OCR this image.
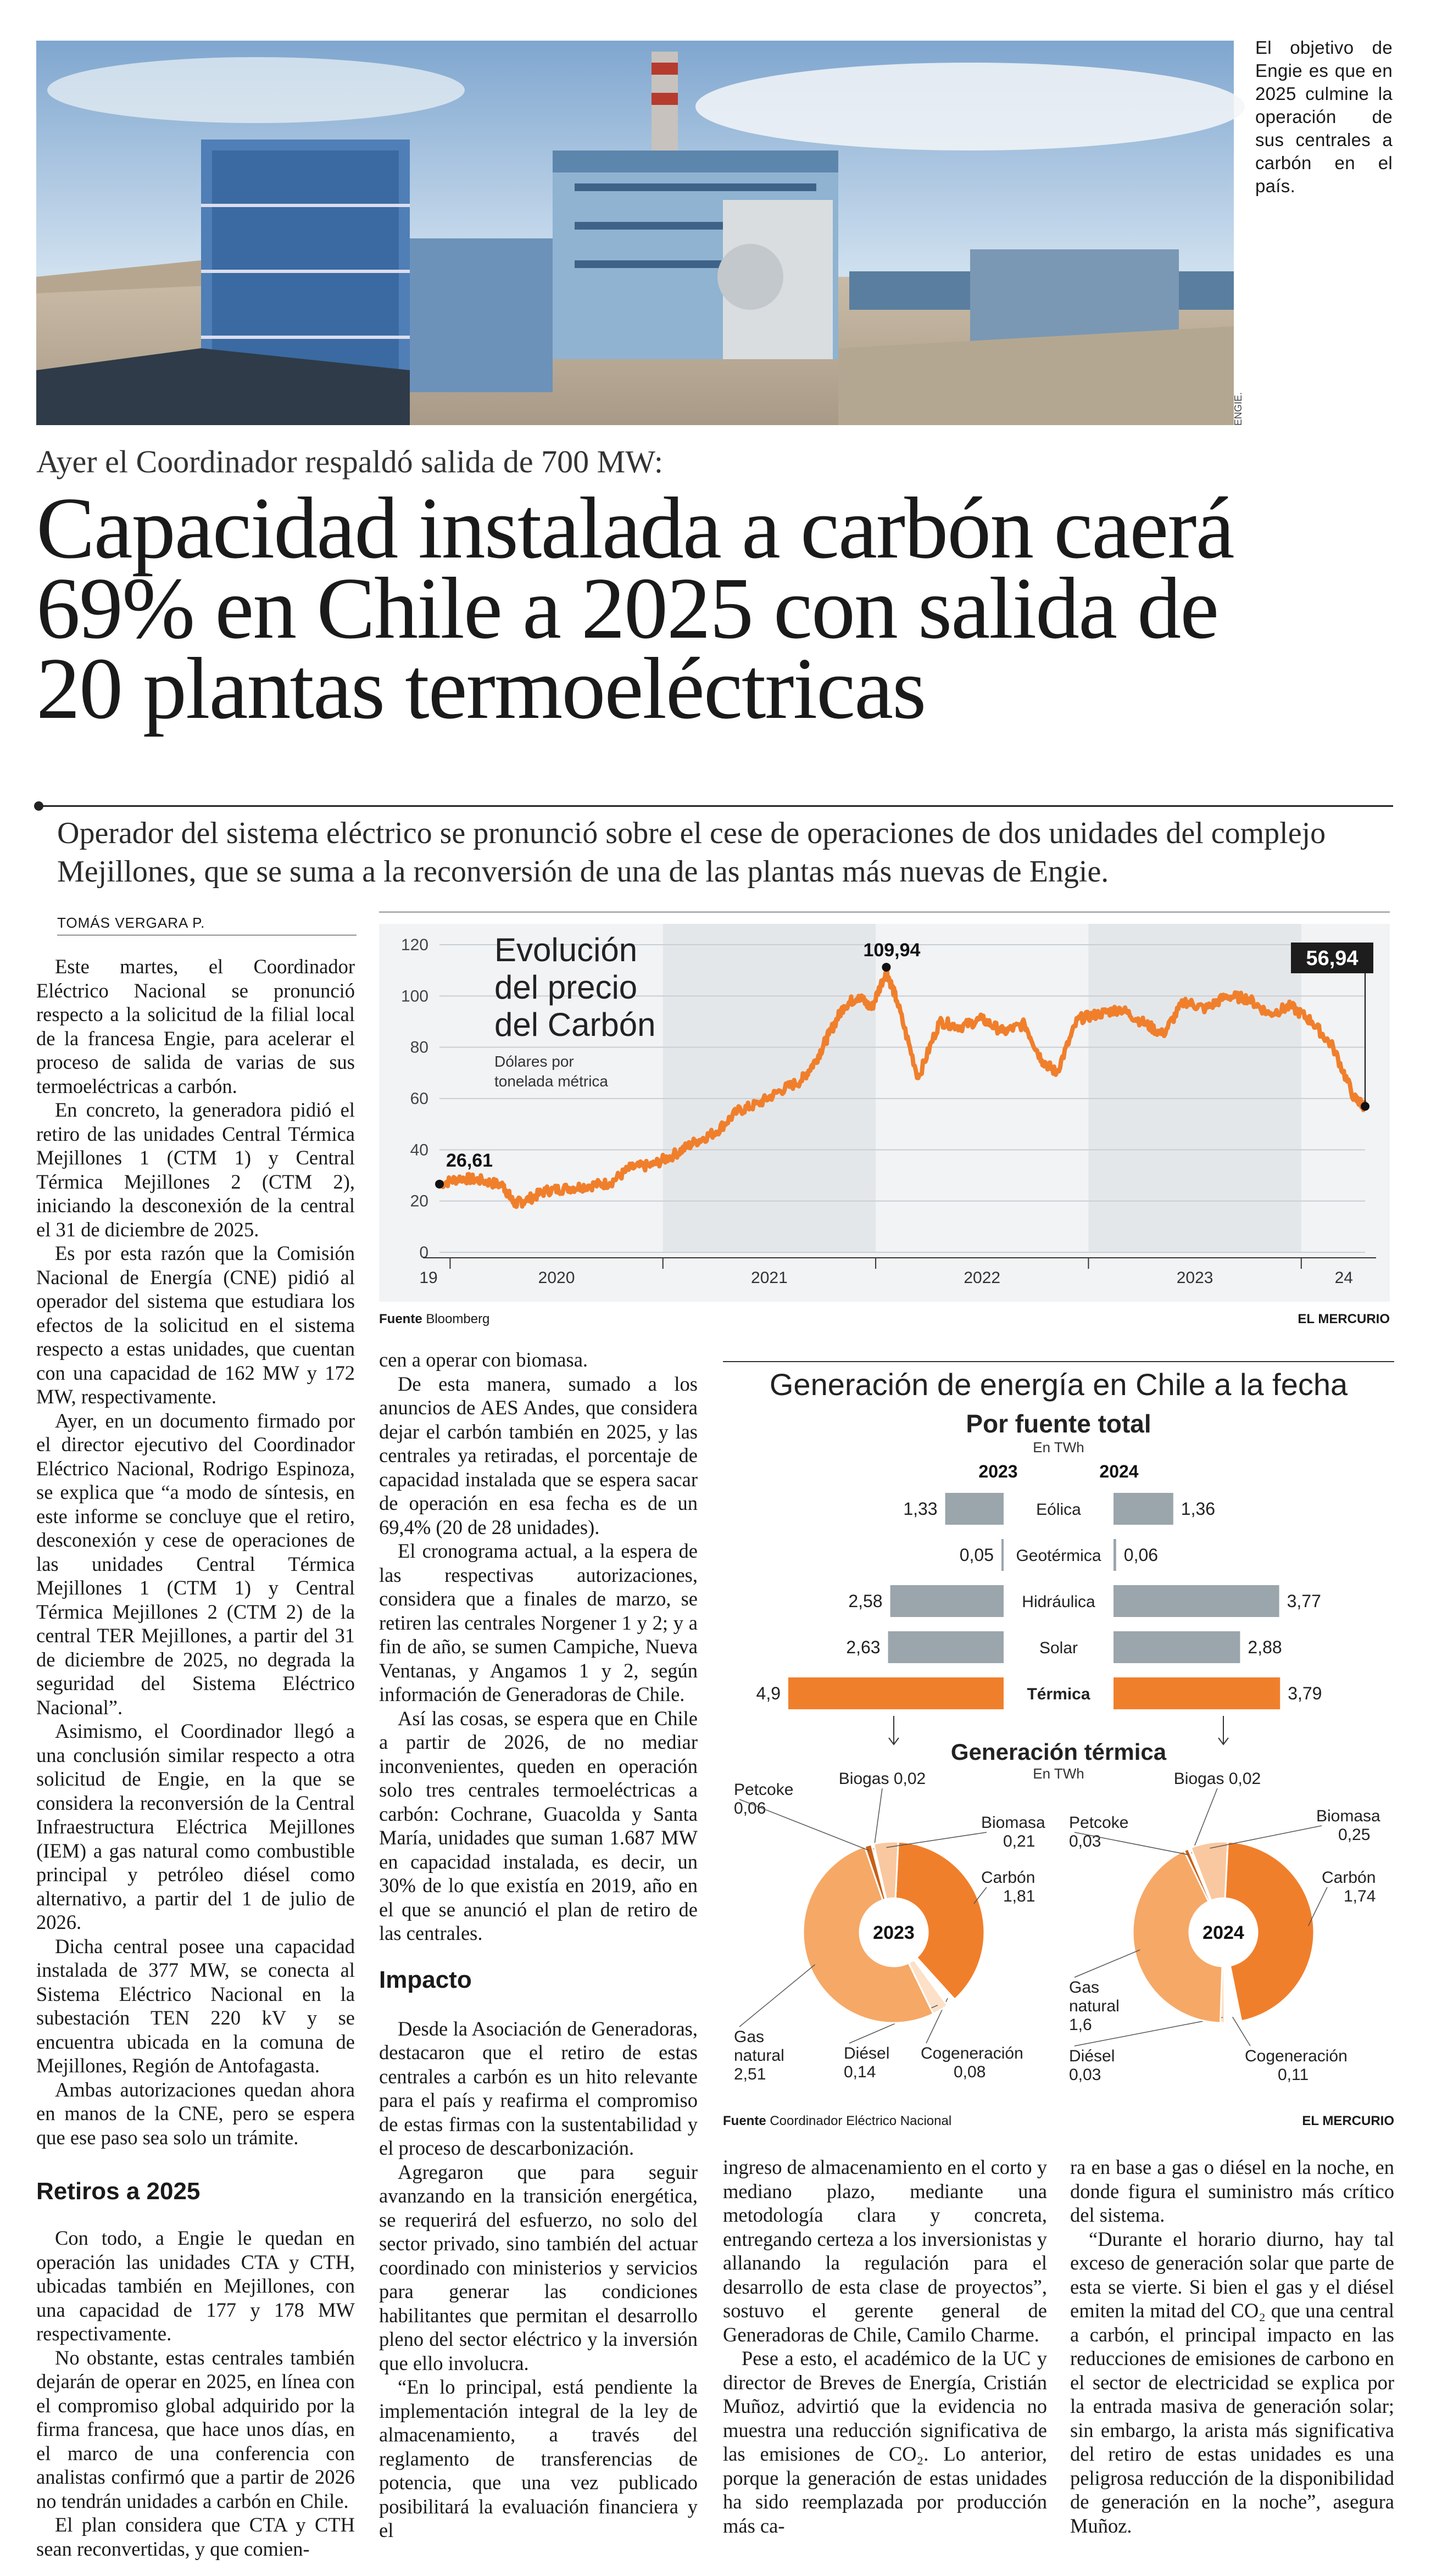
ENGIE.
El objetivo de Engie es que en 2025 culmine la operación de sus centrales a carbón en el país.
Ayer el Coordinador respaldó salida de 700 MW:
Capacidad instalada a carbón caerá
69% en Chile a 2025 con salida de
20 plantas termoeléctricas
Operador del sistema eléctrico se pronunció sobre el cese de operaciones de dos unidades del complejo Mejillones, que se suma a la reconversión de una de las plantas más nuevas de Engie.
TOMÁS VERGARA P.

Este martes, el Coordinador Eléctrico Nacional se pronunció respecto a la solicitud de la filial local de la francesa Engie, para acelerar el proceso de salida de varias de sus termoeléctricas a carbón.

En concreto, la generadora pidió el retiro de las unidades Central Térmica Mejillones 1 (CTM 1) y Central Térmica Mejillones 2 (CTM 2), iniciando la desconexión de la central el 31 de diciembre de 2025.

Es por esta razón que la Comisión Nacional de Energía (CNE) pidió al operador del sistema que estudiara los efectos de la solicitud en el sistema respecto a estas unidades, que cuentan con una capacidad de 162 MW y 172 MW, respectivamente.

Ayer, en un documento firmado por el director ejecutivo del Coordinador Eléctrico Nacional, Rodrigo Espinoza, se explica que “a modo de síntesis, en este informe se concluye que el retiro, desconexión y cese de operaciones de las unidades Central Térmica Mejillones 1 (CTM 1) y Central Térmica Mejillones 2 (CTM 2) de la central TER Mejillones, a partir del 31 de diciembre de 2025, no degrada la seguridad del Sistema Eléctrico Nacional”.

Asimismo, el Coordinador llegó a una conclusión similar respecto a otra solicitud de Engie, en la que se considera la reconversión de la Central Infraestructura Eléctrica Mejillones (IEM) a gas natural como combustible principal y petróleo diésel como alternativo, a partir del 1 de julio de 2026.

Dicha central posee una capacidad instalada de 377 MW, se conecta al Sistema Eléctrico Nacional en la subestación TEN 220 kV y se encuentra ubicada en la comuna de Mejillones, Región de Antofagasta.

Ambas autorizaciones quedan ahora en manos de la CNE, pero se espera que ese paso sea solo un trámite.

Retiros a 2025

Con todo, a Engie le quedan en operación las unidades CTA y CTH, ubicadas también en Mejillones, con una capacidad de 177 y 178 MW respectivamente.

No obstante, estas centrales también dejarán de operar en 2025, en línea con el compromiso global adquirido por la firma francesa, que hace unos días, en el marco de una conferencia con analistas confirmó que a partir de 2026 no tendrán unidades a carbón en Chile.

El plan considera que CTA y CTH sean reconvertidas, y que comien-

0
20
40
60
80
100
120
19	2020	2021	2022	2023	24
26,61
109,94	56,94
Evolución
del precio
del Carbón
Dólares por
tonelada métrica
Fuente Bloomberg	EL MERCURIO

cen a operar con biomasa.

De esta manera, sumado a los anuncios de AES Andes, que considera dejar el carbón también en 2025, y las centrales ya retiradas, el porcentaje de capacidad instalada que se espera sacar de operación en esa fecha es de un 69,4% (20 de 28 unidades).

El cronograma actual, a la espera de las respectivas autorizaciones, considera que a finales de marzo, se retiren las centrales Norgener 1 y 2; y a fin de año, se sumen Campiche, Nueva Ventanas, y Angamos 1 y 2, según información de Generadoras de Chile.

Así las cosas, se espera que en Chile a partir de 2026, de no mediar inconvenientes, queden en operación solo tres centrales termoeléctricas a carbón: Cochrane, Guacolda y Santa María, unidades que suman 1.687 MW en capacidad instalada, es decir, un 30% de lo que existía en 2019, año en el que se anunció el plan de retiro de las centrales.

Impacto

Desde la Asociación de Generadoras, destacaron que el retiro de estas centrales a carbón es un hito relevante para el país y reafirma el compromiso de estas firmas con la sustentabilidad y el proceso de descarbonización.

Agregaron que para seguir avanzando en la transición energética, se requerirá del esfuerzo, no solo del sector privado, sino también del actuar coordinado con ministerios y servicios para generar las condiciones habilitantes que permitan el desarrollo pleno del sector eléctrico y la inversión que ello involucra.

“En lo principal, está pendiente la implementación integral de la ley de almacenamiento, a través del reglamento de transferencias de potencia, que una vez publicado posibilitará la evaluación financiera y el

Generación de energía en Chile a la fecha
Por fuente total
En TWh
2023	2024
Eólica
1,33	1,36
Geotérmica
0,05	0,06
Hidráulica
2,58	3,77
Solar
2,63	2,88
Térmica
4,9	3,79
Generación térmica
En TWh
Carbón
1,81
Cogeneración
0,08
Diésel
0,14
Gas
natural
2,51
Petcoke
0,06
Biogas 0,02
Biomasa
0,21
2023
Carbón
1,74
Cogeneración
0,11
Diésel
0,03
Gas
natural
1,6
Petcoke
0,03
Biogas 0,02
Biomasa
0,25
2024
Fuente Coordinador Eléctrico Nacional	EL MERCURIO

ingreso de almacenamiento en el corto y mediano plazo, mediante una metodología clara y concreta, entregando certeza a los inversionistas y allanando la regulación para el desarrollo de esta clase de proyectos”, sostuvo el gerente general de Generadoras de Chile, Camilo Charme.

Pese a esto, el académico de la UC y director de Breves de Energía, Cristián Muñoz, advirtió que la evidencia no muestra una reducción significativa de las emisiones de CO₂. Lo anterior, porque la generación de estas unidades ha sido reemplazada por producción más ca-

ra en base a gas o diésel en la noche, en donde figura el suministro más crítico del sistema.

“Durante el horario diurno, hay tal exceso de generación solar que parte de esta se vierte. Si bien el gas y el diésel emiten la mitad del CO₂ que una central a carbón, el principal impacto en las reducciones de emisiones de carbono en el sector de electricidad se explica por la entrada masiva de generación solar; sin embargo, la arista más significativa del retiro de estas unidades es una peligrosa reducción de la disponibilidad de generación en la noche”, asegura Muñoz.
